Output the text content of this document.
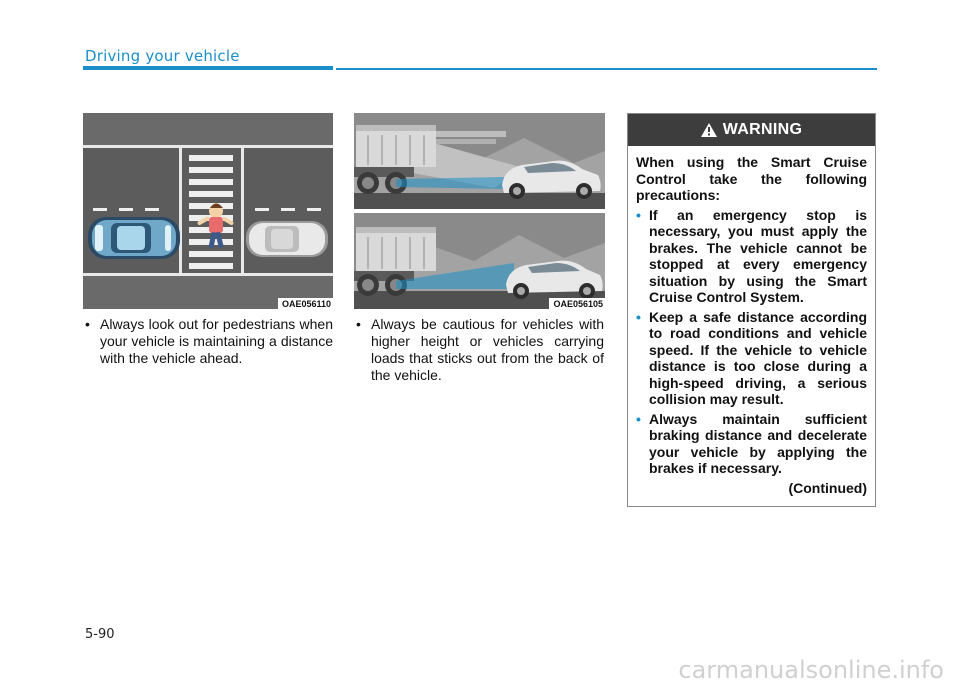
Driving your vehicle
OAE056110	OAE056105
• Always look out for pedestrians when your vehicle is maintaining a distance with the vehicle ahead.
• Always be cautious for vehicles with higher height or vehicles carrying loads that sticks out from the back of the vehicle.
WARNING

When using the Smart Cruise Control take the following precautions:

• If an emergency stop is necessary, you must apply the brakes. The vehicle cannot be stopped at every emergency situation by using the Smart Cruise Control System.
• Keep a safe distance according to road conditions and vehicle speed. If the vehicle to vehicle distance is too close during a high-speed driving, a serious collision may result.
• Always maintain sufficient braking distance and decelerate your vehicle by applying the brakes if necessary.
(Continued)
5-90
carmanualsonline.info
